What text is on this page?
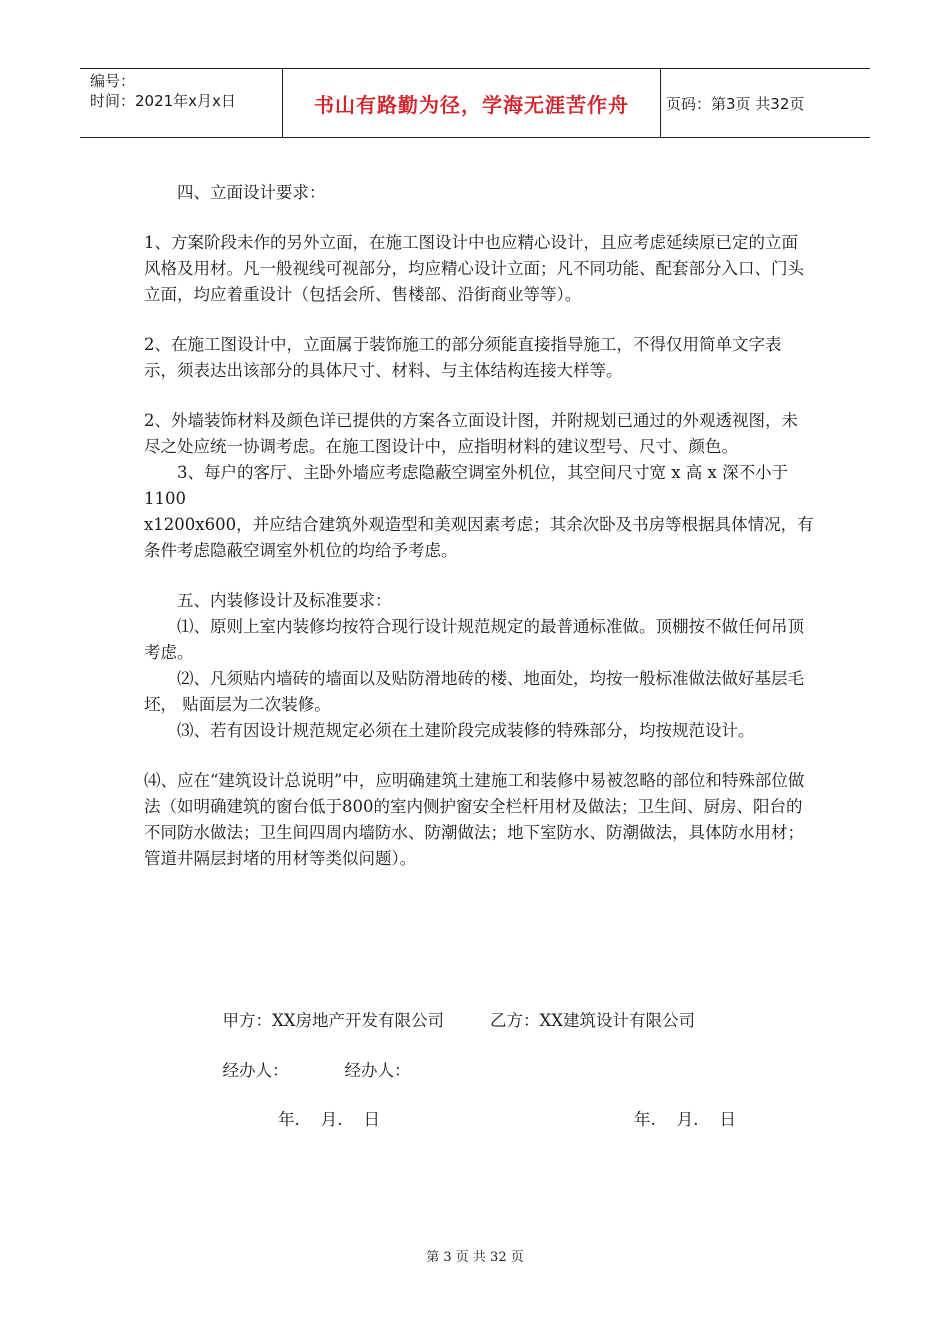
编号：
时间：2021年x月x日	书山有路勤为径，学海无涯苦作舟	页码：第3页 共32页

四、立面设计要求：

1、方案阶段未作的另外立面，在施工图设计中也应精心设计，且应考虑延续原已定的立面风格及用材。凡一般视线可视部分，均应精心设计立面；凡不同功能、配套部分入口、门头立面，均应着重设计（包括会所、售楼部、沿街商业等等）。

2、在施工图设计中，立面属于装饰施工的部分须能直接指导施工，不得仅用简单文字表示，须表达出该部分的具体尺寸、材料、与主体结构连接大样等。

2、外墙装饰材料及颜色详已提供的方案各立面设计图，并附规划已通过的外观透视图，未尽之处应统一协调考虑。在施工图设计中，应指明材料的建议型号、尺寸、颜色。

3、每户的客厅、主卧外墙应考虑隐蔽空调室外机位，其空间尺寸宽 x 高 x 深不小于1100

x1200x600，并应结合建筑外观造型和美观因素考虑；其余次卧及书房等根据具体情况，有条件考虑隐蔽空调室外机位的均给予考虑。

五、内装修设计及标准要求：

⑴、原则上室内装修均按符合现行设计规范规定的最普通标准做。顶棚按不做任何吊顶考虑。

⑵、凡须贴内墙砖的墙面以及贴防滑地砖的楼、地面处，均按一般标准做法做好基层毛坯， 贴面层为二次装修。

⑶、若有因设计规范规定必须在土建阶段完成装修的特殊部分，均按规范设计。

⑷、应在“建筑设计总说明”中，应明确建筑土建施工和装修中易被忽略的部位和特殊部位做法（如明确建筑的窗台低于800的室内侧护窗安全栏杆用材及做法；卫生间、厨房、阳台的不同防水做法；卫生间四周内墙防水、防潮做法；地下室防水、防潮做法，具体防水用材；管道井隔层封堵的用材等类似问题）。

甲方：XX房地产开发有限公司	乙方：XX建筑设计有限公司

经办人：	经办人：

年.    月.    日	年.    月.    日
第 3 页 共 32 页
